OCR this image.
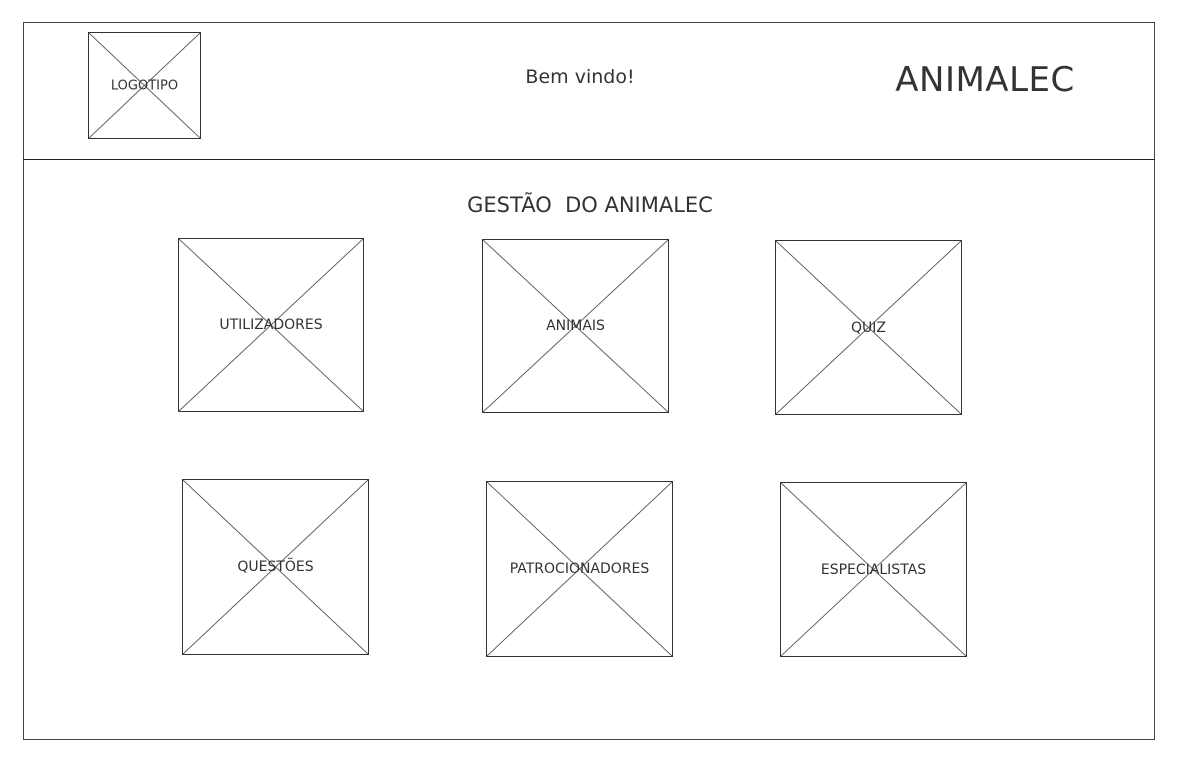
LOGOTIPO	Bem vindo!	ANIMALEC
GESTÃO  DO ANIMALEC
UTILIZADORES	ANIMAIS	QUIZ
QUESTÕES	PATROCIONADORES	ESPECIALISTAS
